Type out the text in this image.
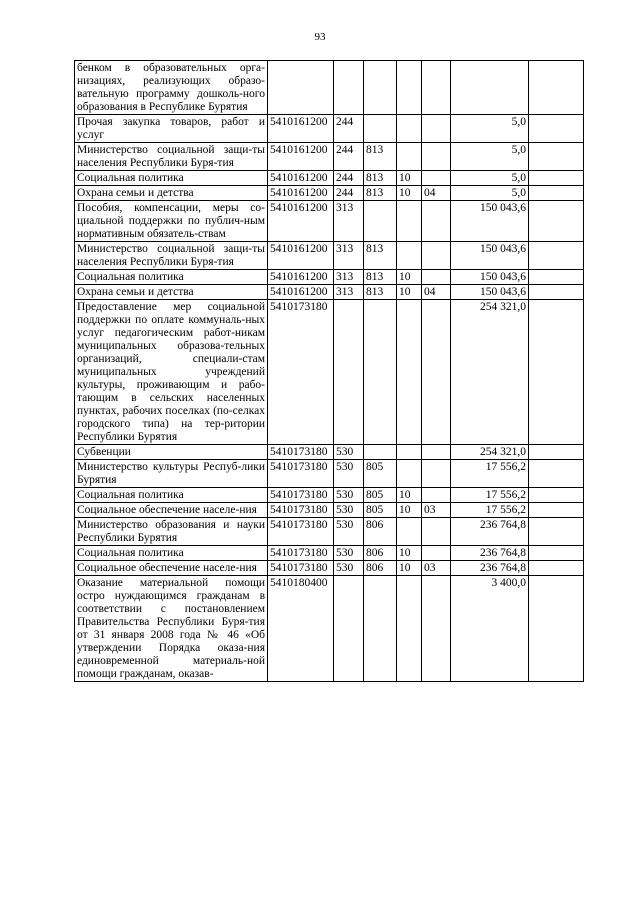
93
бенком в образовательных орга-низациях, реализующих образо-вательную программу дошколь-ного образования в Республике Бурятия							
Прочая закупка товаров, работ и услуг	5410161200	244				5,0	
Министерство социальной защи-ты населения Республики Буря-тия	5410161200	244	813			5,0	
Социальная политика	5410161200	244	813	10		5,0	
Охрана семьи и детства	5410161200	244	813	10	04	5,0	
Пособия, компенсации, меры со-циальной поддержки по публич-ным нормативным обязатель-ствам	5410161200	313				150 043,6	
Министерство социальной защи-ты населения Республики Буря-тия	5410161200	313	813			150 043,6	
Социальная политика	5410161200	313	813	10		150 043,6	
Охрана семьи и детства	5410161200	313	813	10	04	150 043,6	
Предоставление мер социальной поддержки по оплате коммуналь-ных услуг педагогическим работ-никам муниципальных образова-тельных организаций, специали-стам муниципальных учреждений культуры, проживающим и рабо-тающим в сельских населенных пунктах, рабочих поселках (по-селках городского типа) на тер-ритории Республики Бурятия	5410173180					254 321,0	
Субвенции	5410173180	530				254 321,0	
Министерство культуры Респуб-лики Бурятия	5410173180	530	805			17 556,2	
Социальная политика	5410173180	530	805	10		17 556,2	
Социальное обеспечение населе-ния	5410173180	530	805	10	03	17 556,2	
Министерство образования и науки Республики Бурятия	5410173180	530	806			236 764,8	
Социальная политика	5410173180	530	806	10		236 764,8	
Социальное обеспечение населе-ния	5410173180	530	806	10	03	236 764,8	
Оказание материальной помощи остро нуждающимся гражданам в соответствии с постановлением Правительства Республики Буря-тия от 31 января 2008 года № 46 «Об утверждении Порядка оказа-ния единовременной материаль-ной помощи гражданам, оказав-	5410180400					3 400,0	
